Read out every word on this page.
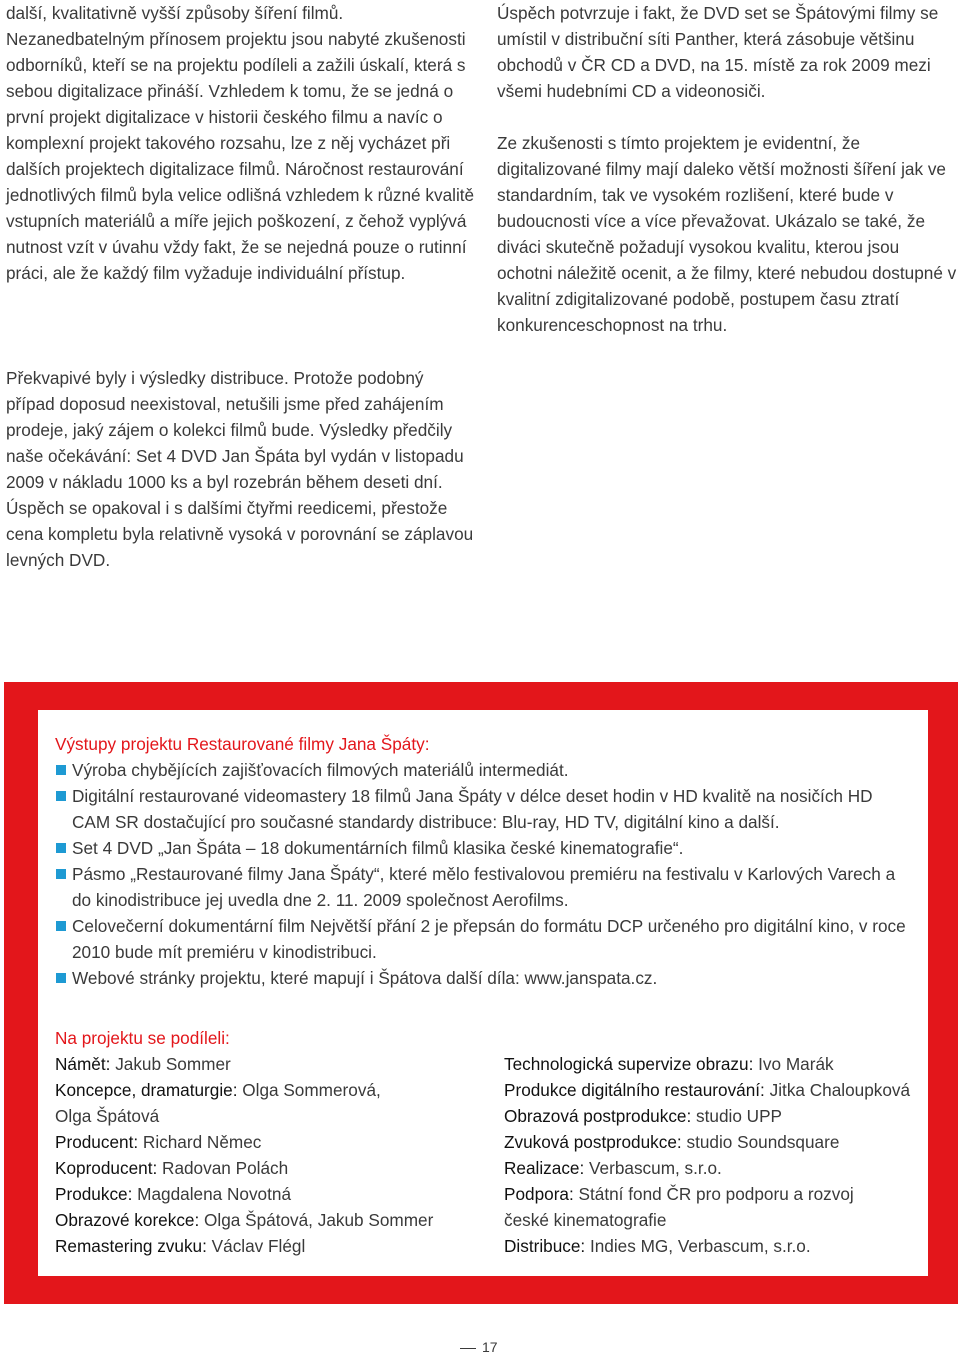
další, kvalitativně vyšší způsoby šíření filmů. Nezanedbatelným přínosem projektu jsou nabyté zkušenosti odborníků, kteří se na projektu podíleli a zažili úskalí, která s sebou digitalizace přináší. Vzhledem k tomu, že se jedná o první projekt digitalizace v historii českého filmu a navíc o komplexní projekt takového rozsahu, lze z něj vycházet při dalších projektech digitalizace filmů. Náročnost restaurování jednotlivých filmů byla velice odlišná vzhledem k různé kvalitě vstupních materiálů a míře jejich poškození, z čehož vyplývá nutnost vzít v úvahu vždy fakt, že se nejedná pouze o rutinní práci, ale že každý film vyžaduje individuální přístup.

Překvapivé byly i výsledky distribuce. Protože podobný případ doposud neexistoval, netušili jsme před zahájením prodeje, jaký zájem o kolekci filmů bude. Výsledky předčily naše očekávání: Set 4 DVD Jan Špáta byl vydán v listopadu 2009 v nákladu 1000 ks a byl rozebrán během deseti dní. Úspěch se opakoval i s dalšími čtyřmi reedicemi, přestože cena kompletu byla relativně vysoká v porovnání se záplavou levných DVD.

Úspěch potvrzuje i fakt, že DVD set se Špátovými filmy se umístil v distribuční síti Panther, která zásobuje většinu obchodů v ČR CD a DVD, na 15. místě za rok 2009 mezi všemi hudebními CD a videonosiči.

Ze zkušenosti s tímto projektem je evidentní, že digitalizované filmy mají daleko větší možnosti šíření jak ve standardním, tak ve vysokém rozlišení, které bude v budoucnosti více a více převažovat. Ukázalo se také, že diváci skutečně požadují vysokou kvalitu, kterou jsou ochotni náležitě ocenit, a že filmy, které nebudou dostupné v kvalitní zdigitalizované podobě, postupem času ztratí konkurenceschopnost na trhu.

Výstupy projektu Restaurované filmy Jana Špáty:

Výroba chybějících zajišťovacích filmových materiálů intermediát.
Digitální restaurované videomastery 18 filmů Jana Špáty v délce deset hodin v HD kvalitě na nosičích HD CAM SR dostačující pro současné standardy distribuce: Blu-ray, HD TV, digitální kino a další.
Set 4 DVD „Jan Špáta – 18 dokumentárních filmů klasika české kinematografie“.
Pásmo „Restaurované filmy Jana Špáty“, které mělo festivalovou premiéru na festivalu v Karlových Varech a do kinodistribuce jej uvedla dne 2. 11. 2009 společnost Aerofilms.
Celovečerní dokumentární film Největší přání 2 je přepsán do formátu DCP určeného pro digitální kino, v roce 2010 bude mít premiéru v kinodistribuci.
Webové stránky projektu, které mapují i Špátova další díla: www.janspata.cz.

Na projektu se podíleli:

Námět: Jakub Sommer

Koncepce, dramaturgie: Olga Sommerová, Olga Špátová

Producent: Richard Němec

Koproducent: Radovan Polách

Produkce: Magdalena Novotná

Obrazové korekce: Olga Špátová, Jakub Sommer

Remastering zvuku: Václav Flégl

Technologická supervize obrazu: Ivo Marák

Produkce digitálního restaurování: Jitka Chaloupková

Obrazová postprodukce: studio UPP

Zvuková postprodukce: studio Soundsquare

Realizace: Verbascum, s.r.o.

Podpora: Státní fond ČR pro podporu a rozvoj české kinematografie

Distribuce: Indies MG, Verbascum, s.r.o.

17
